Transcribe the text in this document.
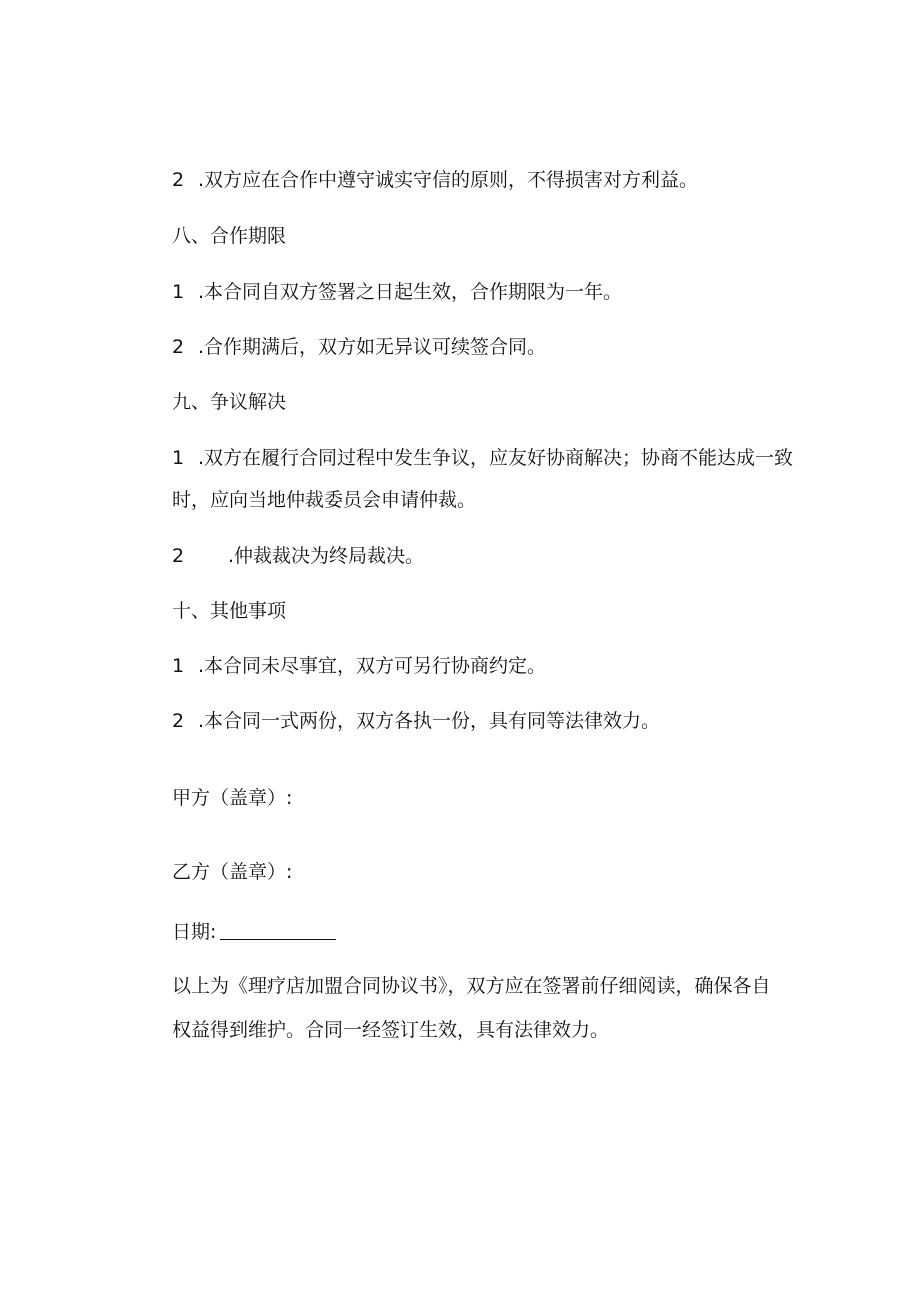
2 .双方应在合作中遵守诚实守信的原则，不得损害对方利益。
八、合作期限
1 .本合同自双方签署之日起生效，合作期限为一年。
2 .合作期满后，双方如无异议可续签合同。
九、争议解决
1 .双方在履行合同过程中发生争议，应友好协商解决；协商不能达成一致
时，应向当地仲裁委员会申请仲裁。
2 .仲裁裁决为终局裁决。
十、其他事项
1 .本合同未尽事宜，双方可另行协商约定。
2 .本合同一式两份，双方各执一份，具有同等法律效力。
甲方（盖章）:
乙方（盖章）:
日期:
以上为《理疗店加盟合同协议书》，双方应在签署前仔细阅读，确保各自
权益得到维护。合同一经签订生效，具有法律效力。
